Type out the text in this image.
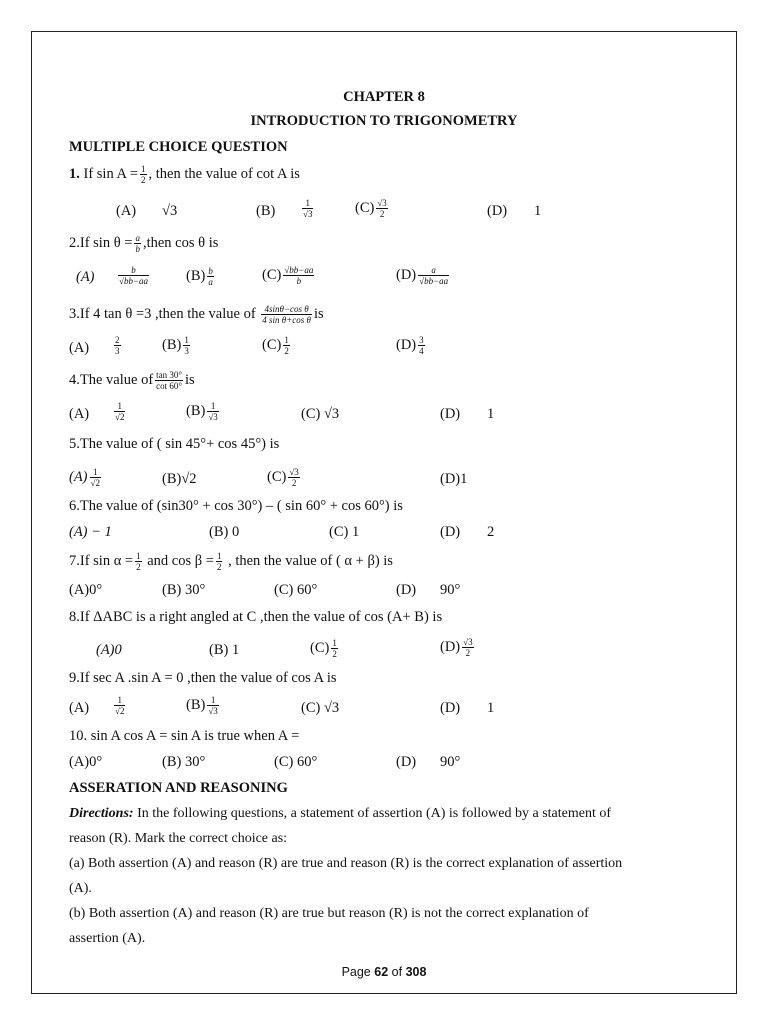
CHAPTER 8
INTRODUCTION TO TRIGONOMETRY
MULTIPLE CHOICE QUESTION
1. If $\sin A = \frac{1}{2}$ , then the value of cot A is
(A) √3	(B)	$\frac{1}{√3}$	$(C) \frac{√3}{2}$	(D) 1
2.If $\sin \theta = \frac{a}{b}$ ,then cos θ is
(A)	$\frac{b}{√bb-aa}$	$(B) \frac{b}{a}$	$(C) \frac{√bb-aa}{b}$	$(D) \frac{a}{√bb-aa}$
3.If 4 tan θ =3 ,then the value of $\frac{\text{4sinθ−cos θ}}{\text{4 sin θ+cos θ}}$ is
(A)	$\frac{2}{3}$	$(B) \frac{1}{3}$	$(C) \frac{1}{2}$	$(D) \frac{3}{4}$
4.The value of $\frac{\tan 30^\circ}{\cot 60^\circ}$ is
(A)	$\frac{1}{√2}$	$(B) \frac{1}{√3}$	(C) √3	(D) 1
5.The value of ( sin 45°+ cos 45°) is
$(A) \frac{1}{√2}$	(B)√2	$(C) \frac{√3}{2}$	(D)1
6.The value of (sin30° + cos 30°) – ( sin 60° + cos 60°) is
(A) − 1	(B) 0	(C) 1	(D) 2
7.If $\sin \alpha = \frac{1}{2}$ and $\cos \beta = \frac{1}{2}$ , then the value of ( α + β) is
(A)0°	(B) 30°	(C) 60°	(D) 90°
8.If ΔABC is a right angled at C ,then the value of cos (A+ B) is
(A)0	(B) 1	$(C) \frac{1}{2}$	$(D) \frac{√3}{2}$
9.If sec A .sin A = 0 ,then the value of cos A is
(A)	$\frac{1}{√2}$	$(B) \frac{1}{√3}$	(C) √3	(D) 1
10. sin A cos A = sin A is true when A =
(A)0°	(B) 30°	(C) 60°	(D) 90°
ASSERATION AND REASONING
Directions: In the following questions, a statement of assertion (A) is followed by a statement of
reason (R). Mark the correct choice as:
(a) Both assertion (A) and reason (R) are true and reason (R) is the correct explanation of assertion
(A).
(b) Both assertion (A) and reason (R) are true but reason (R) is not the correct explanation of
assertion (A).
Page 62 of 308
